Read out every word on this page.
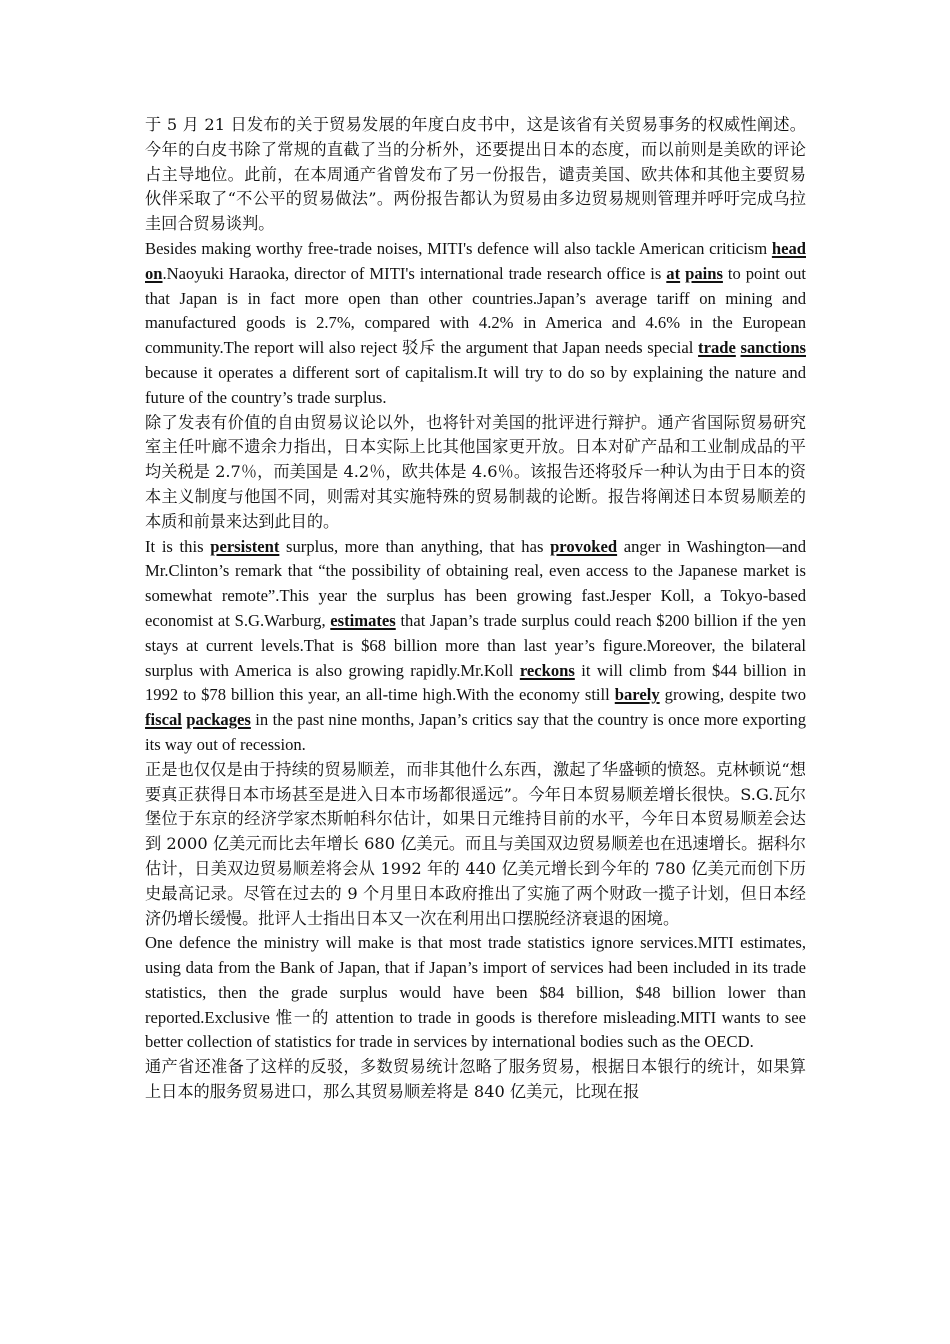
于 5 月 21 日发布的关于贸易发展的年度白皮书中，这是该省有关贸易事务的权威性阐述。今年的白皮书除了常规的直截了当的分析外，还要提出日本的态度，而以前则是美欧的评论占主导地位。此前，在本周通产省曾发布了另一份报告，谴责美国、欧共体和其他主要贸易伙伴采取了“不公平的贸易做法”。两份报告都认为贸易由多边贸易规则管理并呼吁完成乌拉圭回合贸易谈判。

Besides making worthy free-trade noises, MITI's defence will also tackle American criticism head on.Naoyuki Haraoka, director of MITI's international trade research office is at pains to point out that Japan is in fact more open than other countries.Japan’s average tariff on mining and manufactured goods is 2.7%, compared with 4.2% in America and 4.6% in the European community.The report will also reject 驳斥 the argument that Japan needs special trade sanctions because it operates a different sort of capitalism.It will try to do so by explaining the nature and future of the country’s trade surplus.

除了发表有价值的自由贸易议论以外，也将针对美国的批评进行辩护。通产省国际贸易研究室主任叶廊不遗余力指出，日本实际上比其他国家更开放。日本对矿产品和工业制成品的平均关税是 2.7％，而美国是 4.2％，欧共体是 4.6％。该报告还将驳斥一种认为由于日本的资本主义制度与他国不同，则需对其实施特殊的贸易制裁的论断。报告将阐述日本贸易顺差的本质和前景来达到此目的。

It is this persistent surplus, more than anything, that has provoked anger in Washington—and Mr.Clinton’s remark that “the possibility of obtaining real, even access to the Japanese market is somewhat remote”.This year the surplus has been growing fast.Jesper Koll, a Tokyo-based economist at S.G.Warburg, estimates that Japan’s trade surplus could reach $200 billion if the yen stays at current levels.That is $68 billion more than last year’s figure.Moreover, the bilateral surplus with America is also growing rapidly.Mr.Koll reckons it will climb from $44 billion in 1992 to $78 billion this year, an all-time high.With the economy still barely growing, despite two fiscal packages in the past nine months, Japan’s critics say that the country is once more exporting its way out of recession.

正是也仅仅是由于持续的贸易顺差，而非其他什么东西，激起了华盛顿的愤怒。克林顿说“想要真正获得日本市场甚至是进入日本市场都很遥远”。今年日本贸易顺差增长很快。S.G.瓦尔堡位于东京的经济学家杰斯帕科尔估计，如果日元维持目前的水平，今年日本贸易顺差会达到 2000 亿美元而比去年增长 680 亿美元。而且与美国双边贸易顺差也在迅速增长。据科尔估计，日美双边贸易顺差将会从 1992 年的 440 亿美元增长到今年的 780 亿美元而创下历史最高记录。尽管在过去的 9 个月里日本政府推出了实施了两个财政一揽子计划，但日本经济仍增长缓慢。批评人士指出日本又一次在利用出口摆脱经济衰退的困境。

One defence the ministry will make is that most trade statistics ignore services.MITI estimates, using data from the Bank of Japan, that if Japan’s import of services had been included in its trade statistics, then the grade surplus would have been $84 billion, $48 billion lower than reported.Exclusive 惟一的 attention to trade in goods is therefore misleading.MITI wants to see better collection of statistics for trade in services by international bodies such as the OECD.

通产省还准备了这样的反驳，多数贸易统计忽略了服务贸易，根据日本银行的统计，如果算上日本的服务贸易进口，那么其贸易顺差将是 840 亿美元，比现在报
